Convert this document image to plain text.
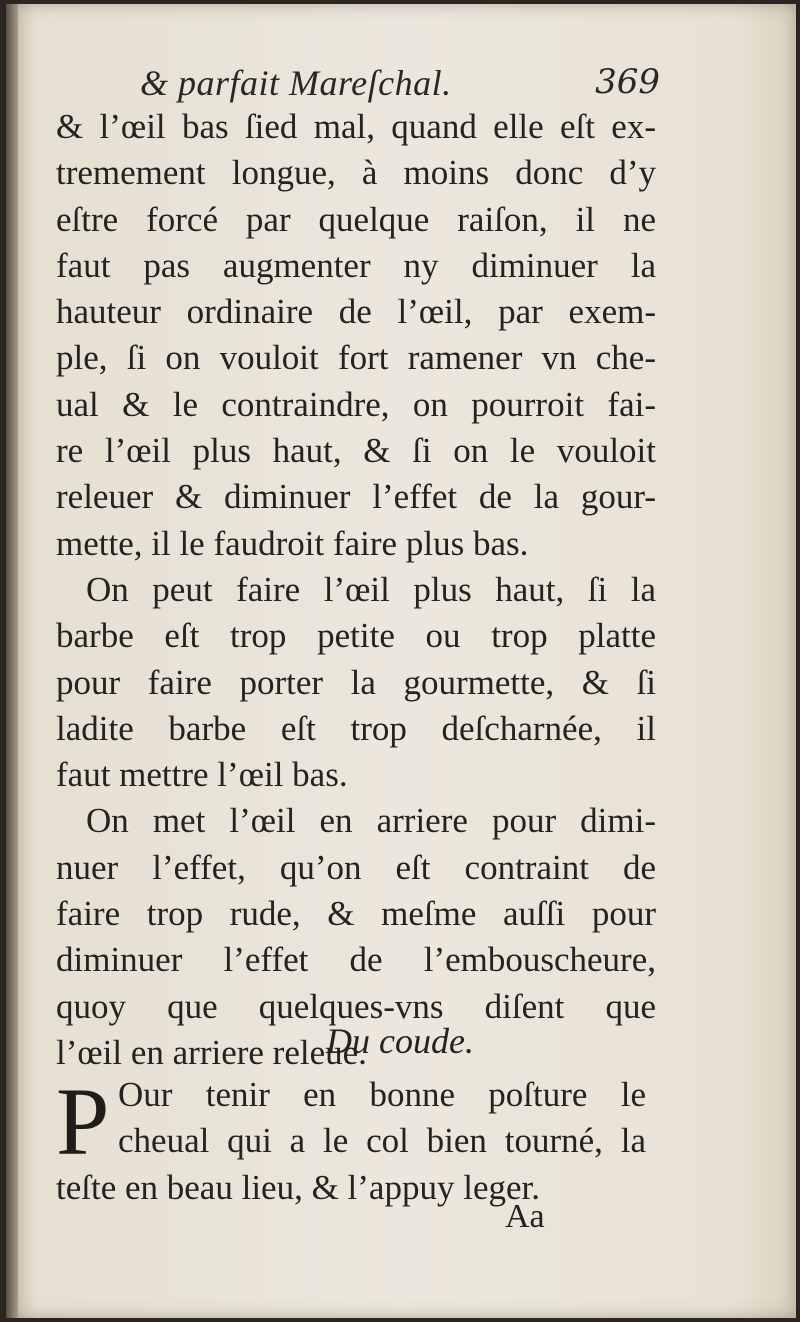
& parfait Mareſchal.	369
& l’œil bas ſied mal, quand elle eſt ex-
tremement longue, à moins donc d’y
eſtre forcé par quelque raiſon, il ne
faut pas augmenter ny diminuer la
hauteur ordinaire de l’œil, par exem-
ple, ſi on vouloit fort ramener vn che-
ual & le contraindre, on pourroit fai-
re l’œil plus haut, & ſi on le vouloit
releuer & diminuer l’effet de la gour-
mette, il le faudroit faire plus bas.
On peut faire l’œil plus haut, ſi la
barbe eſt trop petite ou trop platte
pour faire porter la gourmette, & ſi
ladite barbe eſt trop deſcharnée, il
faut mettre l’œil bas.
On met l’œil en arriere pour dimi-
nuer l’effet, qu’on eſt contraint de
faire trop rude, & meſme auſſi pour
diminuer l’effet de l’embouscheure,
quoy que quelques-vns diſent que
l’œil en arriere releue.
Du coude.
P Our tenir en bonne poſture le
cheual qui a le col bien tourné, la
teſte en beau lieu, & l’appuy leger.
Aa
